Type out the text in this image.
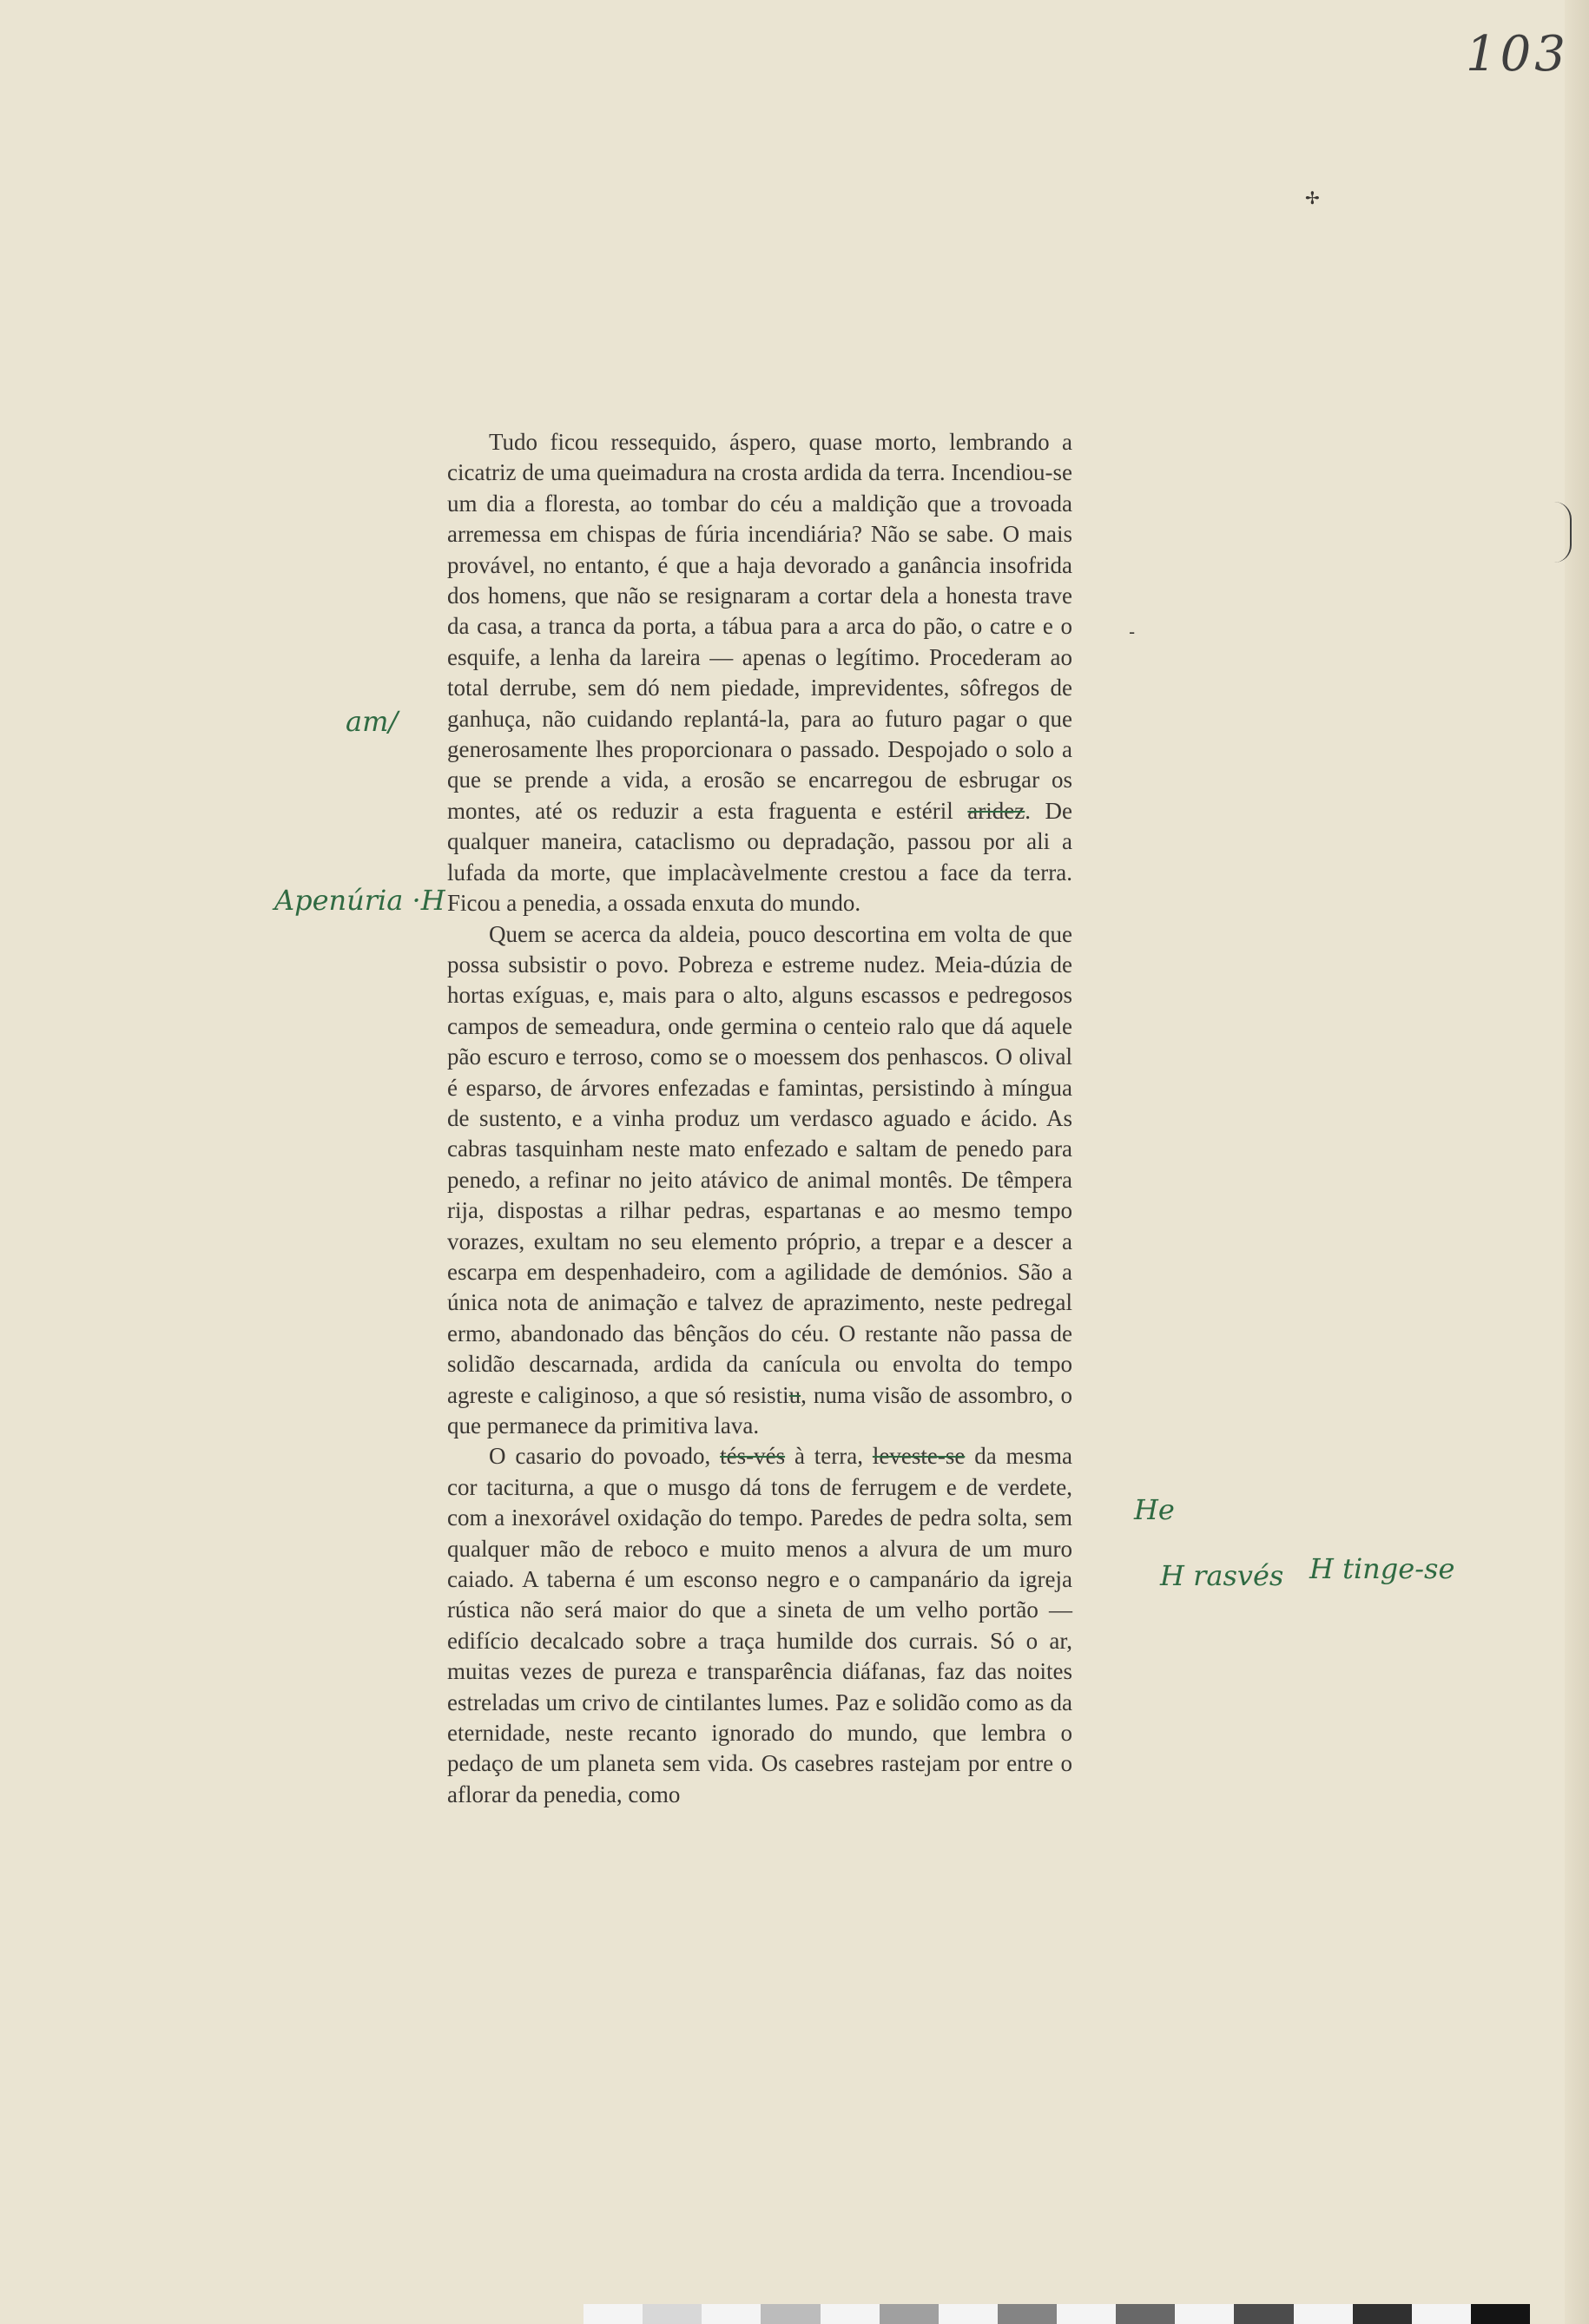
103
✢
-

Tudo ficou ressequido, áspero, quase morto, lembrando a cicatriz de uma queimadura na crosta ardida da terra. Incendiou-se um dia a floresta, ao tombar do céu a maldição que a trovoada arremessa em chispas de fúria incendiária? Não se sabe. O mais provável, no entanto, é que a haja devorado a ganância insofrida dos homens, que não se resignaram a cortar dela a honesta trave da casa, a tranca da porta, a tábua para a arca do pão, o catre e o esquife, a lenha da lareira — apenas o legítimo. Procederam ao total derrube, sem dó nem piedade, imprevidentes, sôfregos de ganhuça, não cuidando replantá-la, para ao futuro pagar o que generosamente lhes proporcionara o passado. Despojado o solo a que se prende a vida, a erosão se encarregou de esbrugar os montes, até os reduzir a esta fraguenta e estéril aridez. De qualquer maneira, cataclismo ou depradação, passou por ali a lufada da morte, que implacàvelmente crestou a face da terra. Ficou a penedia, a ossada enxuta do mundo.

Quem se acerca da aldeia, pouco descortina em volta de que possa subsistir o povo. Pobreza e estreme nudez. Meia-dúzia de hortas exíguas, e, mais para o alto, alguns escassos e pedregosos campos de semeadura, onde germina o centeio ralo que dá aquele pão escuro e terroso, como se o moessem dos penhascos. O olival é esparso, de árvores enfezadas e famintas, persistindo à míngua de sustento, e a vinha produz um verdasco aguado e ácido. As cabras tasquinham neste mato enfezado e saltam de penedo para penedo, a refinar no jeito atávico de animal montês. De têmpera rija, dispostas a rilhar pedras, espartanas e ao mesmo tempo vorazes, exultam no seu elemento próprio, a trepar e a descer a escarpa em despenhadeiro, com a agilidade de demónios. São a única nota de animação e talvez de aprazimento, neste pedregal ermo, abandonado das bênçãos do céu. O restante não passa de solidão descarnada, ardida da canícula ou envolta do tempo agreste e caliginoso, a que só resistiu, numa visão de assombro, o que permanece da primitiva lava.

O casario do povoado, tés-vés à terra, leveste-se da mesma cor taciturna, a que o musgo dá tons de ferrugem e de verdete, com a inexorável oxidação do tempo. Paredes de pedra solta, sem qualquer mão de reboco e muito menos a alvura de um muro caiado. A taberna é um esconso negro e o campanário da igreja rústica não será maior do que a sineta de um velho portão — edifício decalcado sobre a traça humilde dos currais. Só o ar, muitas vezes de pureza e transparência diáfanas, faz das noites estreladas um crivo de cintilantes lumes. Paz e solidão como as da eternidade, neste recanto ignorado do mundo, que lembra o pedaço de um planeta sem vida. Os casebres rastejam por entre o aflorar da penedia, como

am/
Apenúria ·H
He
H rasvés H tinge-se
